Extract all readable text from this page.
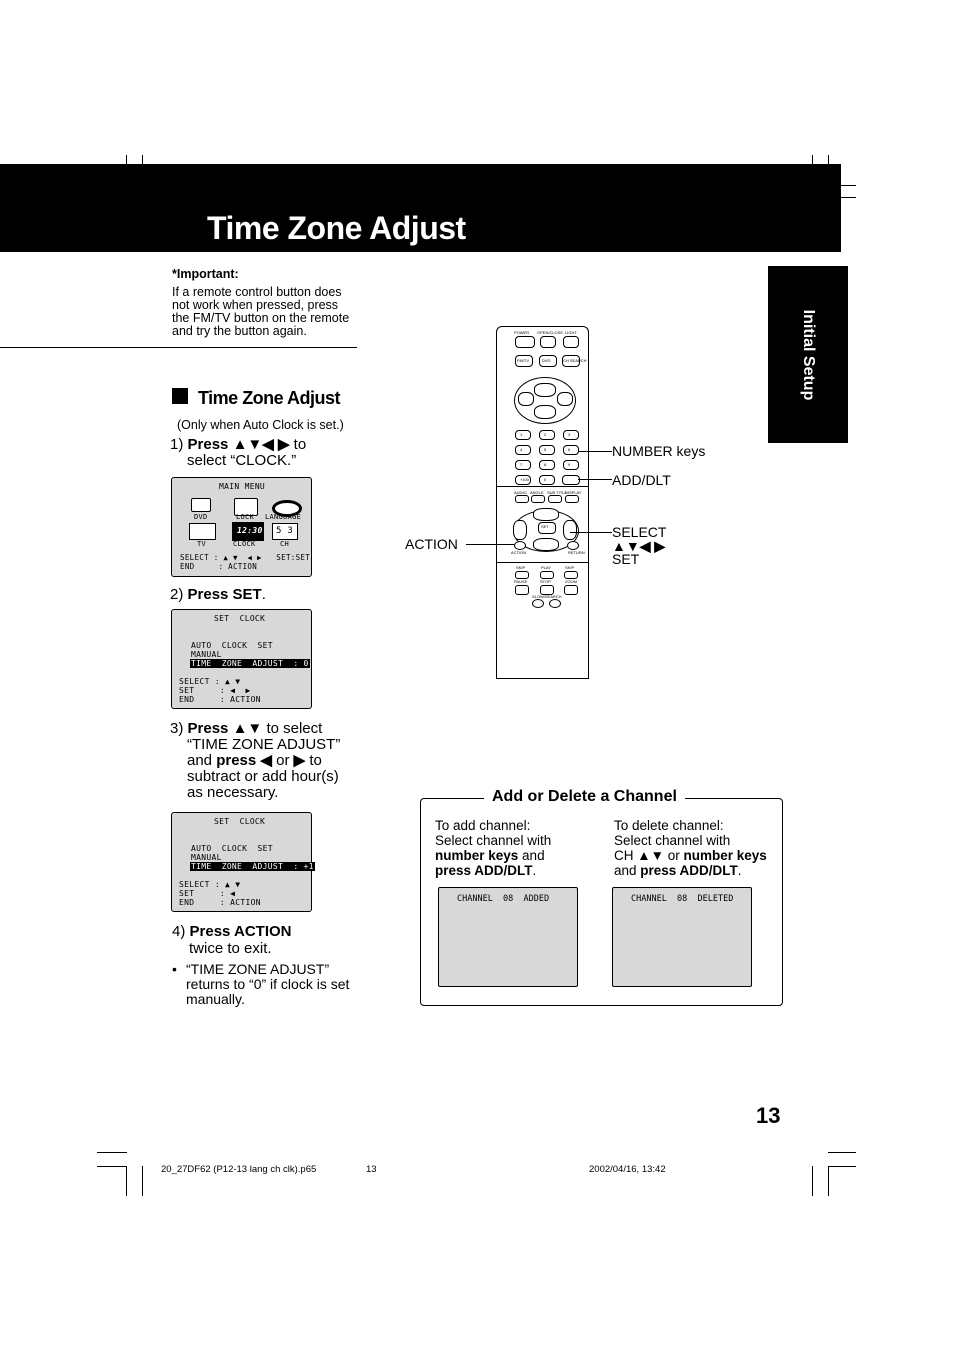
Time Zone Adjust
Initial Setup
*Important:
If a remote control button does
not work when pressed, press
the FM/TV button on the remote
and try the button again.
Time Zone Adjust
(Only when Auto Clock is set.)
1) Press ▲▼◀ ▶ to
select “CLOCK.”
MAIN MENU
DVD	LOCK LANGUAGE
TV
12:30
CLOCK
5 3
CH
SELECT : ▲ ▼  ◀ ▶   SET:SET
END     : ACTION
2) Press SET.
SET  CLOCK
AUTO  CLOCK  SET
MANUAL
TIME  ZONE  ADJUST  : 0
SELECT : ▲ ▼
SET     : ◀  ▶
END     : ACTION
3) Press ▲▼ to select
“TIME ZONE ADJUST”
and press ◀ or ▶ to
subtract or add hour(s)
as necessary.
SET  CLOCK
AUTO  CLOCK  SET
MANUAL
TIME  ZONE  ADJUST  : +1
SELECT : ▲ ▼
SET     : ◀
END     : ACTION
4) Press ACTION
twice to exit.
• “TIME ZONE ADJUST”
returns to “0” if clock is set
manually.
POWER OPEN/CLOSE LIGHT
FM/TV	DVD	CH SEARCH
1	2	3
4	5	6
7	8	9
+100	0
AUDIO ANGLE SUB TITLE
DISPLAY
SET
ACTION	RETURN
SKIP	PLAY	SKIP
PAUSE	STOP	ZOOM
SLOW/SEARCH
NUMBER keys
ADD/DLT
SELECT
▲▼◀ ▶
SET
ACTION
Add or Delete a Channel
To add channel:
Select channel with
number keys and
press ADD/DLT.
To delete channel:
Select channel with
CH ▲▼ or number keys
and press ADD/DLT.
CHANNEL  08  ADDED	CHANNEL  08  DELETED
13
20_27DF62 (P12-13 lang ch clk).p65	13	2002/04/16, 13:42
